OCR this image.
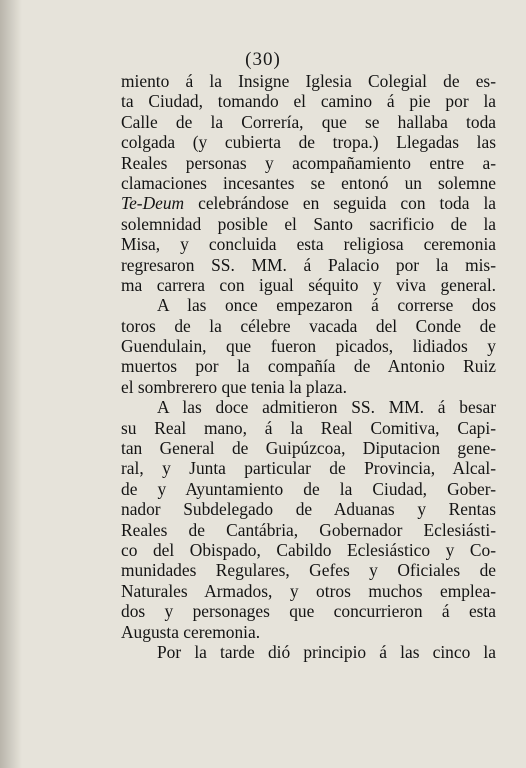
(30)
miento á la Insigne Iglesia Colegial de es-
ta Ciudad, tomando el camino á pie por la
Calle de la Correría, que se hallaba toda
colgada (y cubierta de tropa.) Llegadas las
Reales personas y acompañamiento entre a-
clamaciones incesantes se entonó un solemne
Te-Deum celebrándose en seguida con toda la
solemnidad posible el Santo sacrificio de la
Misa, y concluida esta religiosa ceremonia
regresaron SS. MM. á Palacio por la mis-
ma carrera con igual séquito y viva general.
A las once empezaron á correrse dos
toros de la célebre vacada del Conde de
Guendulain, que fueron picados, lidiados y
muertos por la compañía de Antonio Ruiz
el sombrerero que tenia la plaza.
A las doce admitieron SS. MM. á besar
su Real mano, á la Real Comitiva, Capi-
tan General de Guipúzcoa, Diputacion gene-
ral, y Junta particular de Provincia, Alcal-
de y Ayuntamiento de la Ciudad, Gober-
nador Subdelegado de Aduanas y Rentas
Reales de Cantábria, Gobernador Eclesiásti-
co del Obispado, Cabildo Eclesiástico y Co-
munidades Regulares, Gefes y Oficiales de
Naturales Armados, y otros muchos emplea-
dos y personages que concurrieron á esta
Augusta ceremonia.
Por la tarde dió principio á las cinco la
